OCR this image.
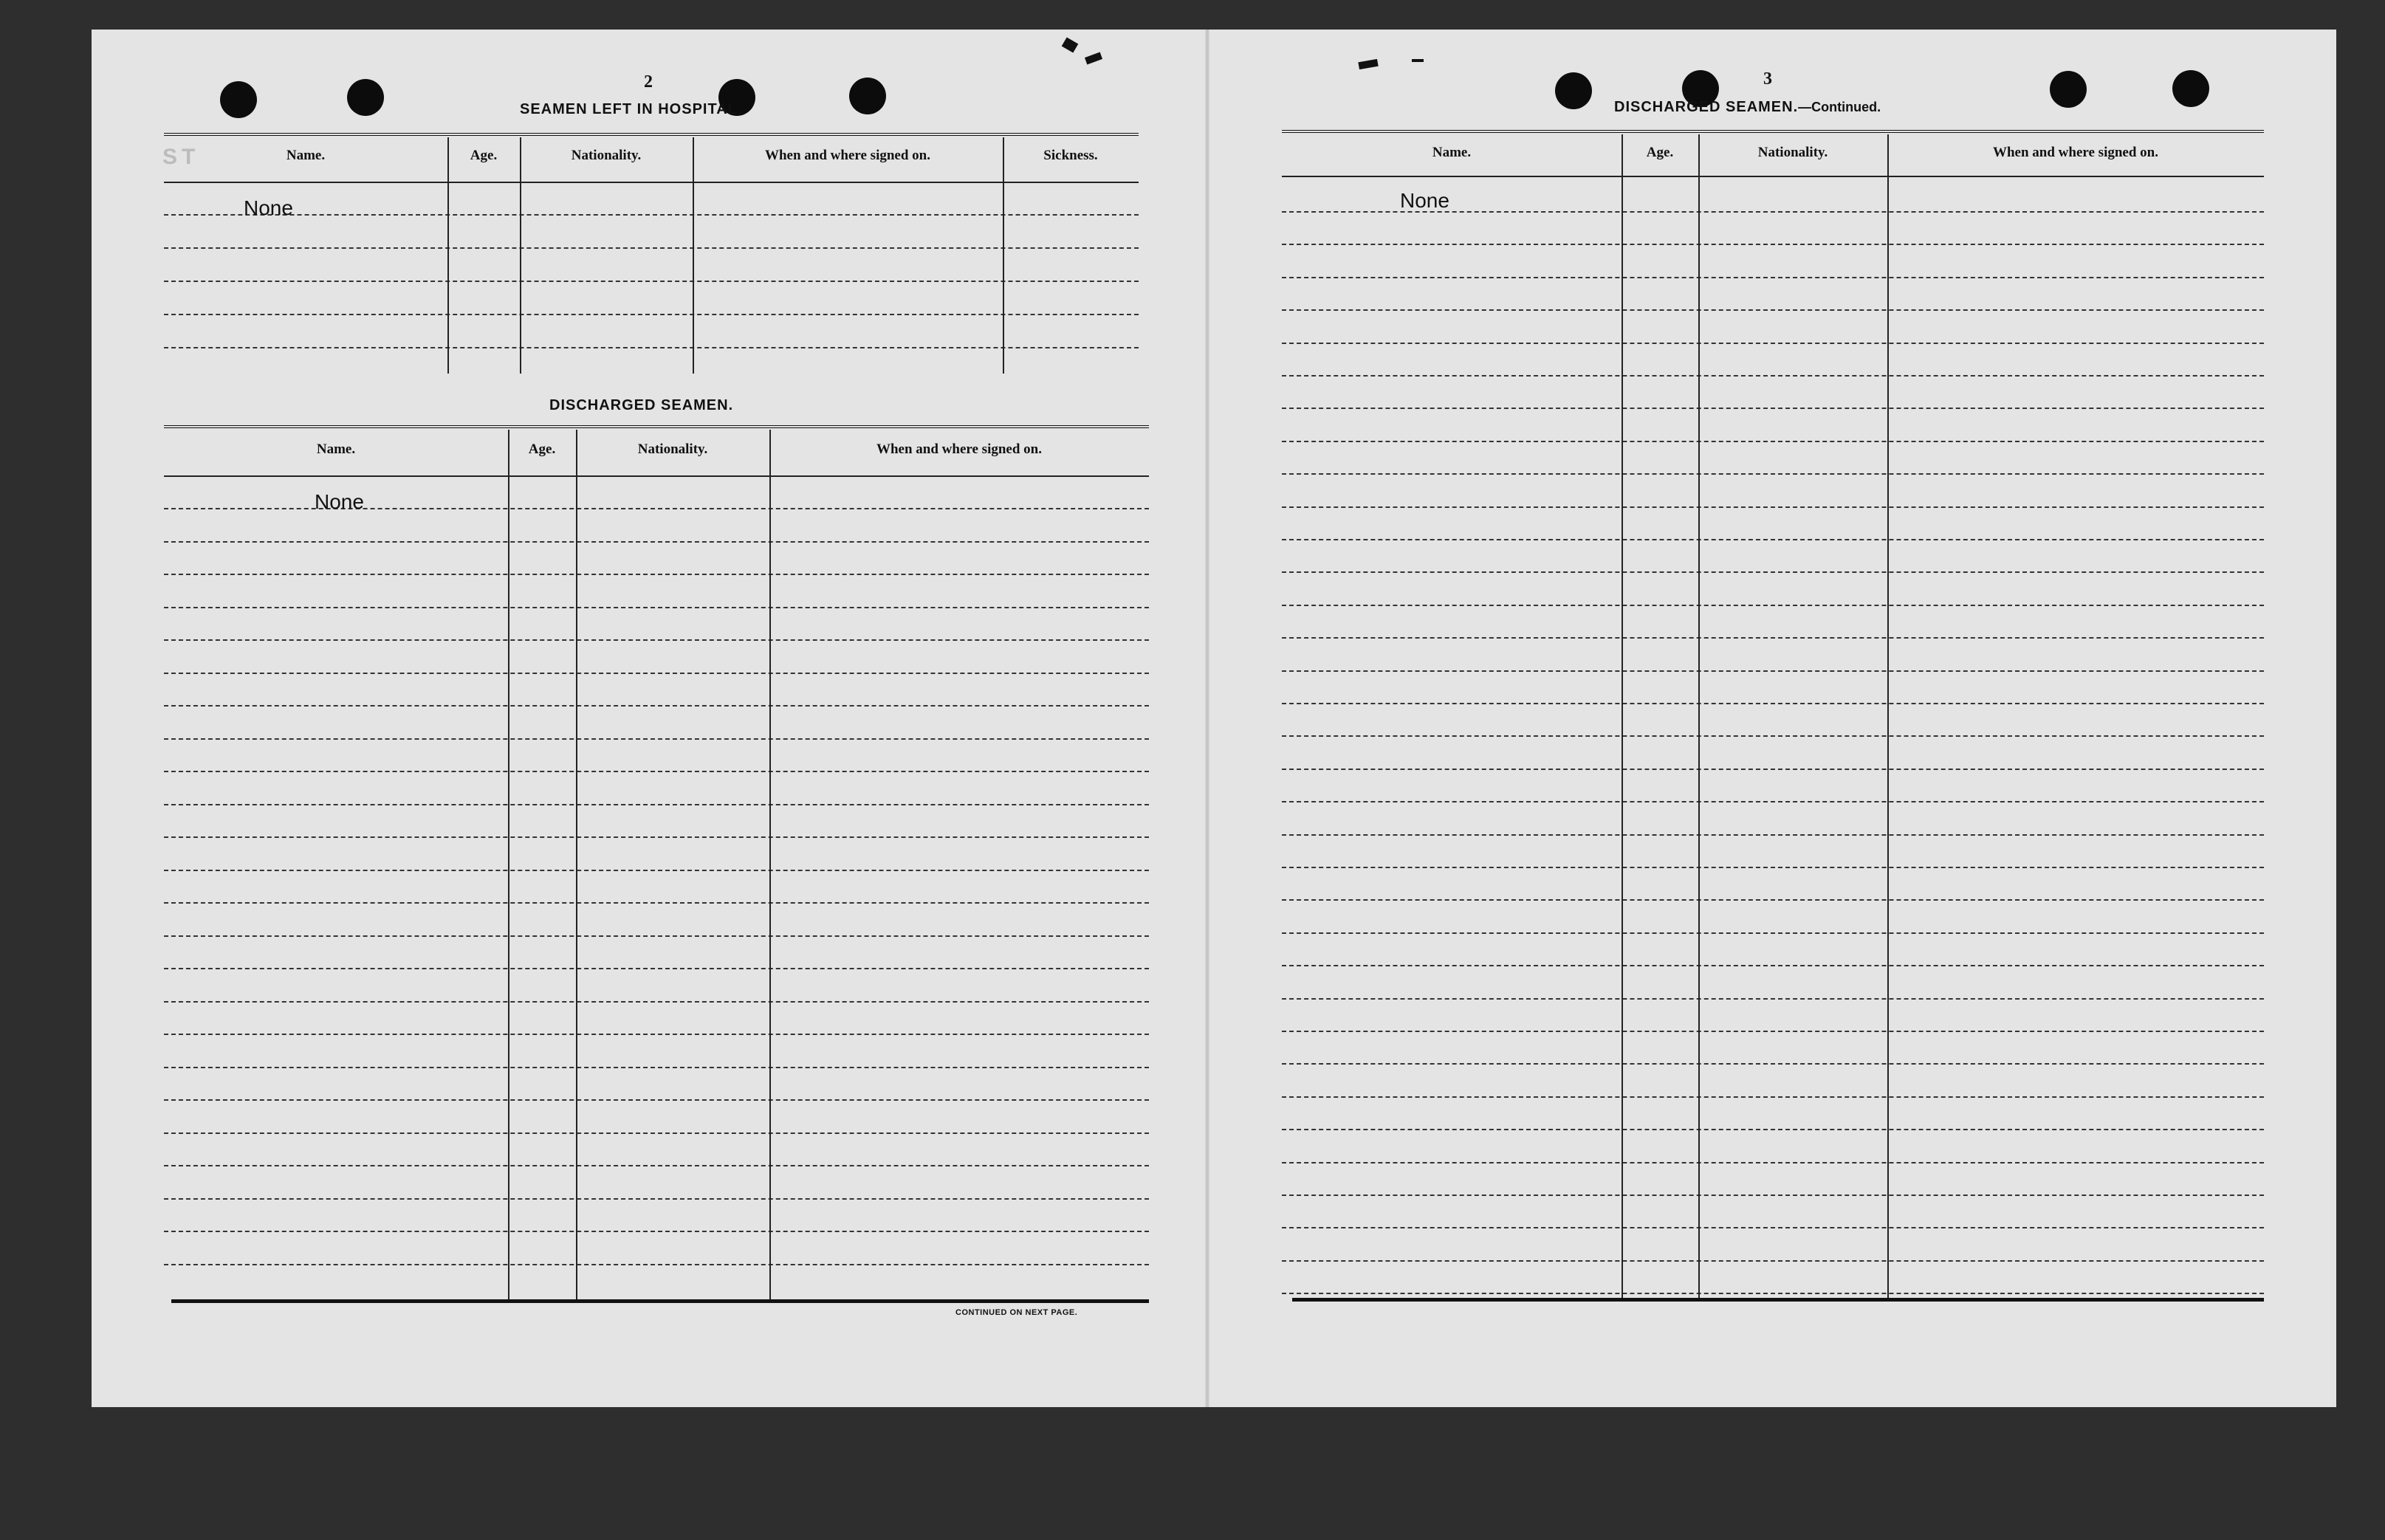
ST

2
SEAMEN LEFT IN HOSPITAL.
Name.	Age.	Nationality.	When and where signed on.	Sickness.
None
DISCHARGED SEAMEN.
Name.	Age.	Nationality.	When and where signed on.
None
CONTINUED ON NEXT PAGE.
3
DISCHARGED SEAMEN.—Continued.
Name.	Age.	Nationality.	When and where signed on.
None
